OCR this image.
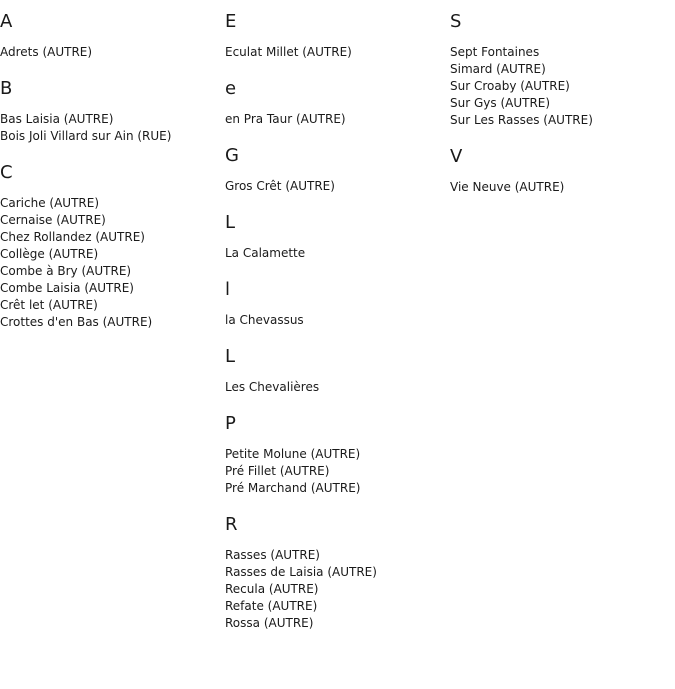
A
Adrets (AUTRE)
B
Bas Laisia (AUTRE)
Bois Joli Villard sur Ain (RUE)
C
Cariche (AUTRE)
Cernaise (AUTRE)
Chez Rollandez (AUTRE)
Collège (AUTRE)
Combe à Bry (AUTRE)
Combe Laisia (AUTRE)
Crêt let (AUTRE)
Crottes d'en Bas (AUTRE)
E
Eculat Millet (AUTRE)
e
en Pra Taur (AUTRE)
G
Gros Crêt (AUTRE)
L
La Calamette
l
la Chevassus
L
Les Chevalières
P
Petite Molune (AUTRE)
Pré Fillet (AUTRE)
Pré Marchand (AUTRE)
R
Rasses (AUTRE)
Rasses de Laisia (AUTRE)
Recula (AUTRE)
Refate (AUTRE)
Rossa (AUTRE)
S
Sept Fontaines
Simard (AUTRE)
Sur Croaby (AUTRE)
Sur Gys (AUTRE)
Sur Les Rasses (AUTRE)
V
Vie Neuve (AUTRE)
